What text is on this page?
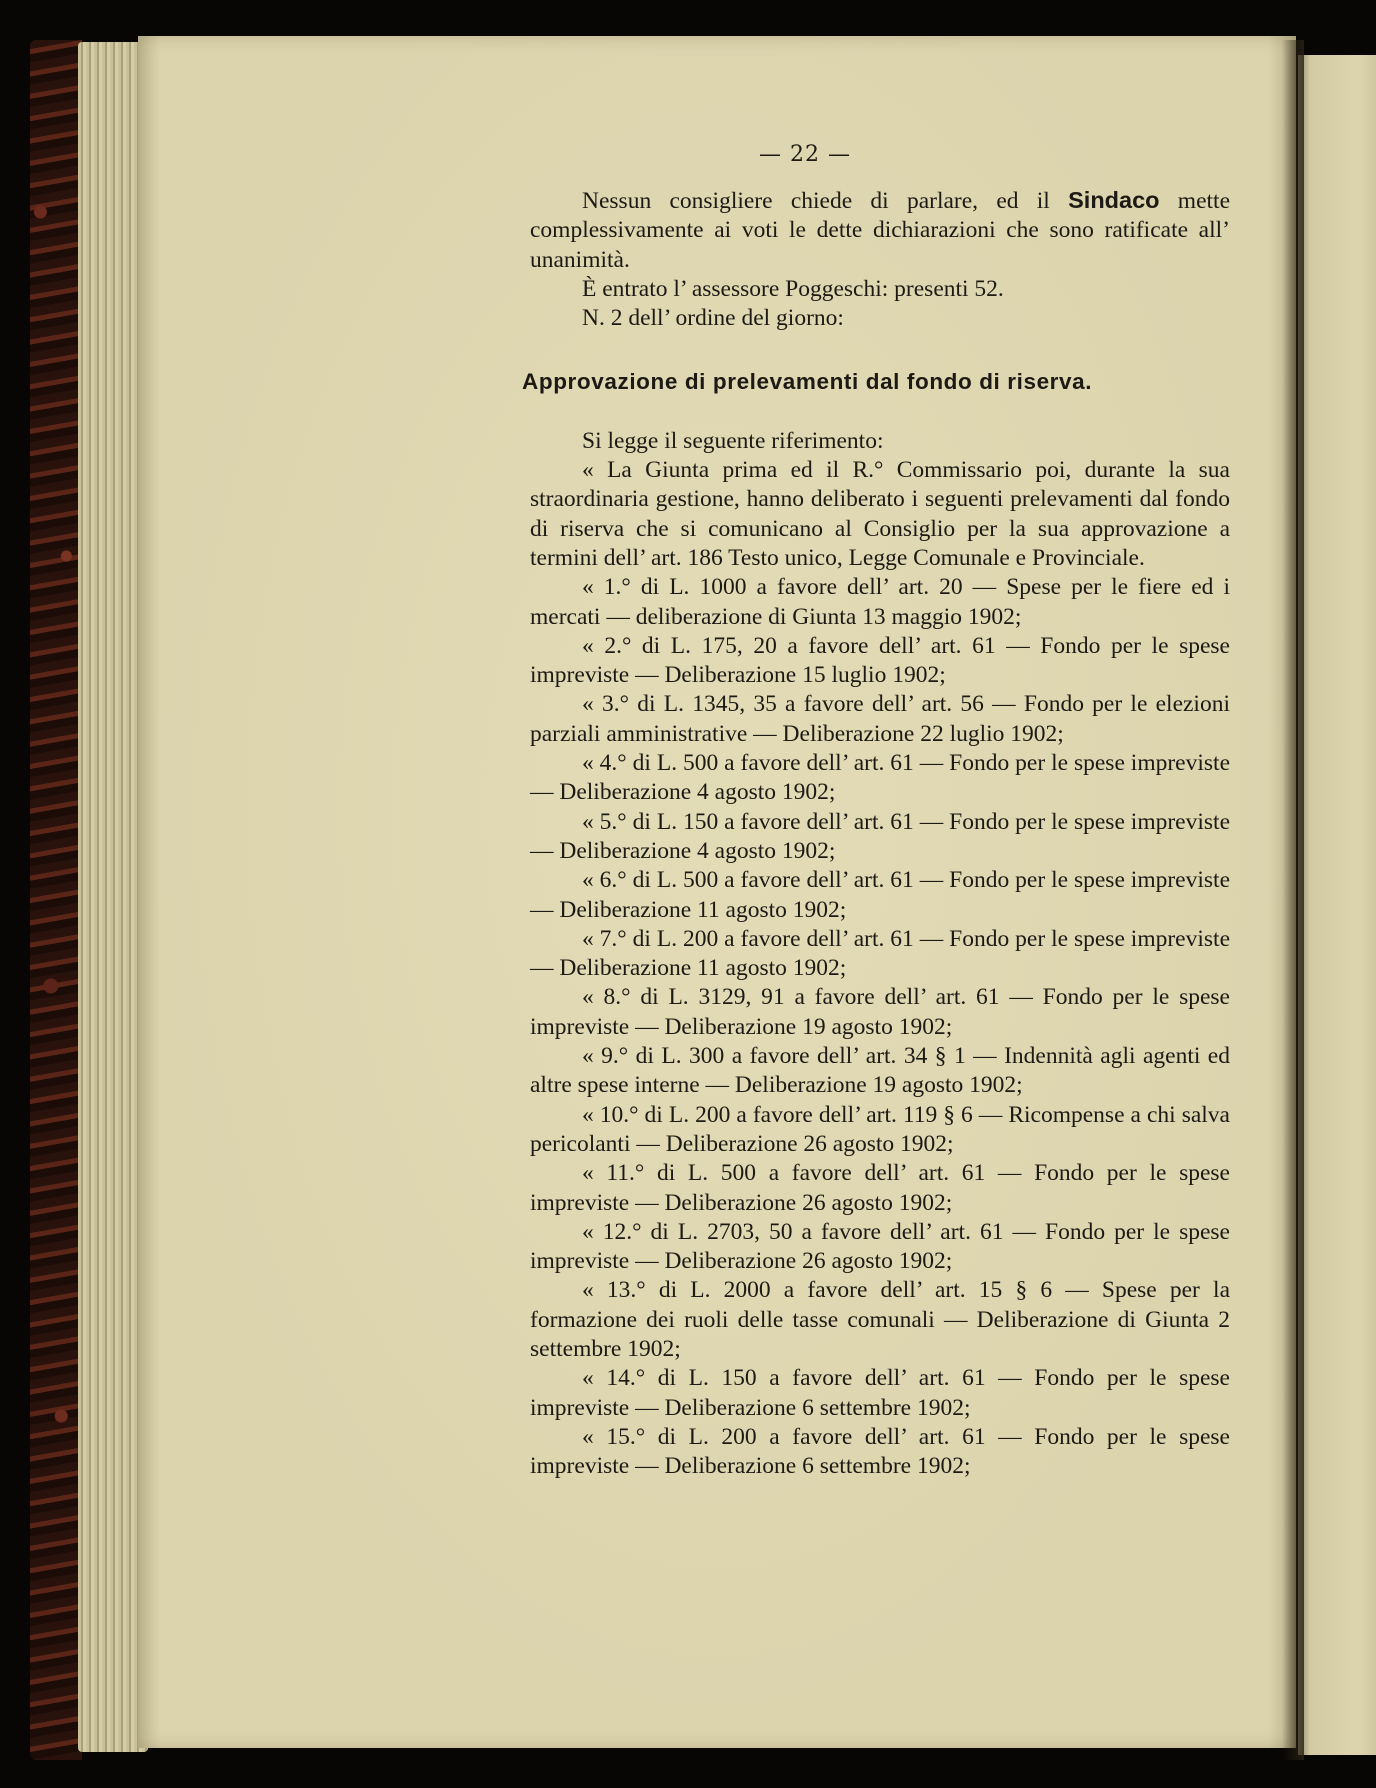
— 22 —

Nessun consigliere chiede di parlare, ed il Sindaco mette complessivamente ai voti le dette dichiarazioni che sono ratificate all’ unanimità.

È entrato l’ assessore Poggeschi: presenti 52.

N. 2 dell’ ordine del giorno:

Approvazione di prelevamenti dal fondo di riserva.

Si legge il seguente riferimento:

« La Giunta prima ed il R.° Commissario poi, durante la sua straordinaria gestione, hanno deliberato i seguenti prelevamenti dal fondo di riserva che si comunicano al Consiglio per la sua approvazione a termini dell’ art. 186 Testo unico, Legge Comunale e Provinciale.

« 1.° di L. 1000 a favore dell’ art. 20 — Spese per le fiere ed i mercati — deliberazione di Giunta 13 maggio 1902;

« 2.° di L. 175, 20 a favore dell’ art. 61 — Fondo per le spese impreviste — Deliberazione 15 luglio 1902;

« 3.° di L. 1345, 35 a favore dell’ art. 56 — Fondo per le elezioni parziali amministrative — Deliberazione 22 luglio 1902;

« 4.° di L. 500 a favore dell’ art. 61 — Fondo per le spese impreviste — Deliberazione 4 agosto 1902;

« 5.° di L. 150 a favore dell’ art. 61 — Fondo per le spese impreviste — Deliberazione 4 agosto 1902;

« 6.° di L. 500 a favore dell’ art. 61 — Fondo per le spese impreviste — Deliberazione 11 agosto 1902;

« 7.° di L. 200 a favore dell’ art. 61 — Fondo per le spese impreviste — Deliberazione 11 agosto 1902;

« 8.° di L. 3129, 91 a favore dell’ art. 61 — Fondo per le spese impreviste — Deliberazione 19 agosto 1902;

« 9.° di L. 300 a favore dell’ art. 34 § 1 — Indennità agli agenti ed altre spese interne — Deliberazione 19 agosto 1902;

« 10.° di L. 200 a favore dell’ art. 119 § 6 — Ricompense a chi salva pericolanti — Deliberazione 26 agosto 1902;

« 11.° di L. 500 a favore dell’ art. 61 — Fondo per le spese impreviste — Deliberazione 26 agosto 1902;

« 12.° di L. 2703, 50 a favore dell’ art. 61 — Fondo per le spese impreviste — Deliberazione 26 agosto 1902;

« 13.° di L. 2000 a favore dell’ art. 15 § 6 — Spese per la formazione dei ruoli delle tasse comunali — Deliberazione di Giunta 2 settembre 1902;

« 14.° di L. 150 a favore dell’ art. 61 — Fondo per le spese impreviste — Deliberazione 6 settembre 1902;

« 15.° di L. 200 a favore dell’ art. 61 — Fondo per le spese impreviste — Deliberazione 6 settembre 1902;
